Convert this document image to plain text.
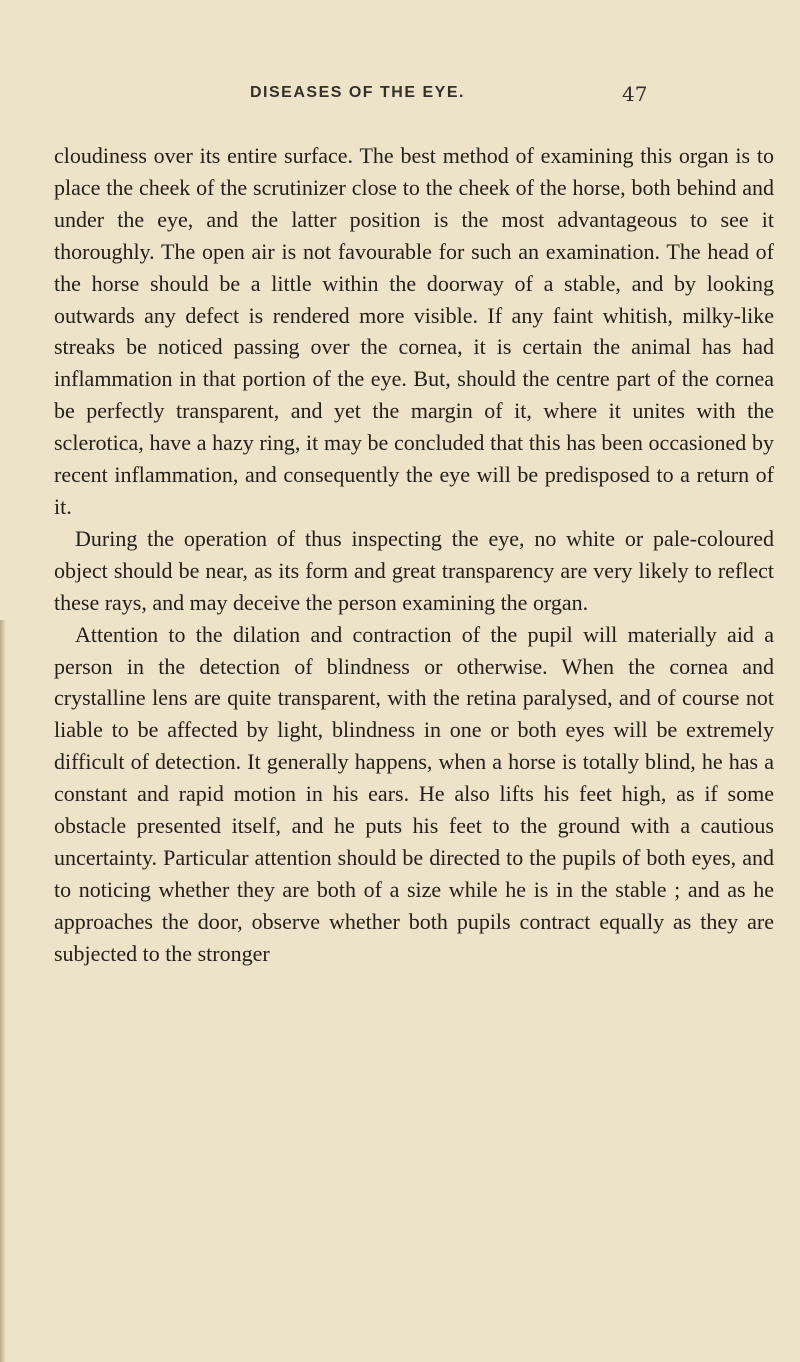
DISEASES OF THE EYE.	47

cloudiness over its entire surface. The best method of examining this organ is to place the cheek of the scrutinizer close to the cheek of the horse, both behind and under the eye, and the latter position is the most advantageous to see it thoroughly. The open air is not favourable for such an examination. The head of the horse should be a little within the doorway of a stable, and by looking outwards any defect is rendered more visible. If any faint whitish, milky-like streaks be noticed passing over the cornea, it is certain the animal has had inflammation in that portion of the eye. But, should the centre part of the cornea be perfectly transparent, and yet the margin of it, where it unites with the sclerotica, have a hazy ring, it may be concluded that this has been occasioned by recent inflammation, and consequently the eye will be predisposed to a return of it.

During the operation of thus inspecting the eye, no white or pale-coloured object should be near, as its form and great transparency are very likely to reflect these rays, and may deceive the person examining the organ.

Attention to the dilation and contraction of the pupil will materially aid a person in the detection of blindness or otherwise. When the cornea and crystalline lens are quite transparent, with the retina paralysed, and of course not liable to be affected by light, blindness in one or both eyes will be extremely difficult of detection. It generally happens, when a horse is totally blind, he has a constant and rapid motion in his ears. He also lifts his feet high, as if some obstacle presented itself, and he puts his feet to the ground with a cautious uncertainty. Particular attention should be directed to the pupils of both eyes, and to noticing whether they are both of a size while he is in the stable ; and as he approaches the door, observe whether both pupils contract equally as they are subjected to the stronger
